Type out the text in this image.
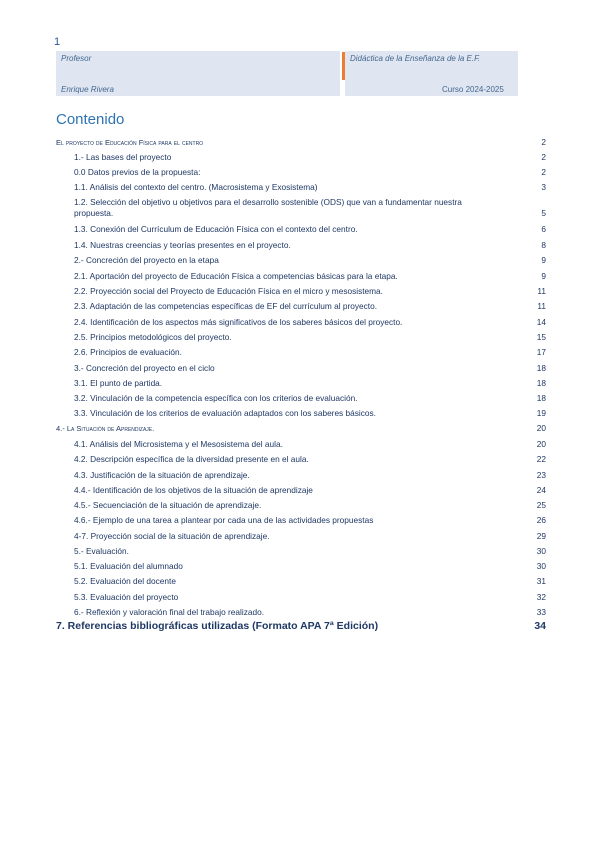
1
Profesor	Didáctica de la Enseñanza de la E.F.
Enrique Rivera	Curso 2024-2025
Contenido
El proyecto de Educación Física para el centro	2
1.- Las bases del proyecto	2
0.0 Datos previos de la propuesta:	2
1.1. Análisis del contexto del centro. (Macrosistema y Exosistema)	3
1.2. Selección del objetivo u objetivos para el desarrollo sostenible (ODS) que van a fundamentar nuestra
propuesta.	5
1.3. Conexión del Currículum de Educación Física con el contexto del centro.	6
1.4. Nuestras creencias y teorías presentes en el proyecto.	8
2.- Concreción del proyecto en la etapa	9
2.1. Aportación del proyecto de Educación Física a competencias básicas para la etapa.	9
2.2. Proyección social del Proyecto de Educación Física en el micro y mesosistema.	11
2.3. Adaptación de las competencias específicas de EF del currículum al proyecto.	11
2.4. Identificación de los aspectos más significativos de los saberes básicos del proyecto.	14
2.5. Principios metodológicos del proyecto.	15
2.6. Principios de evaluación.	17
3.- Concreción del proyecto en el ciclo	18
3.1. El punto de partida.	18
3.2. Vinculación de la competencia específica con los criterios de evaluación.	18
3.3. Vinculación de los criterios de evaluación adaptados con los saberes básicos.	19
4.- La Situación de Aprendizaje.	20
4.1. Análisis del Microsistema y el Mesosistema del aula.	20
4.2. Descripción específica de la diversidad presente en el aula.	22
4.3. Justificación de la situación de aprendizaje.	23
4.4.- Identificación de los objetivos de la situación de aprendizaje	24
4.5.- Secuenciación de la situación de aprendizaje.	25
4.6.- Ejemplo de una tarea a plantear por cada una de las actividades propuestas	26
4-7. Proyección social de la situación de aprendizaje.	29
5.- Evaluación.	30
5.1. Evaluación del alumnado	30
5.2. Evaluación del docente	31
5.3. Evaluación del proyecto	32
6.- Reflexión y valoración final del trabajo realizado.	33
7. Referencias bibliográficas utilizadas (Formato APA 7ª Edición)	34
